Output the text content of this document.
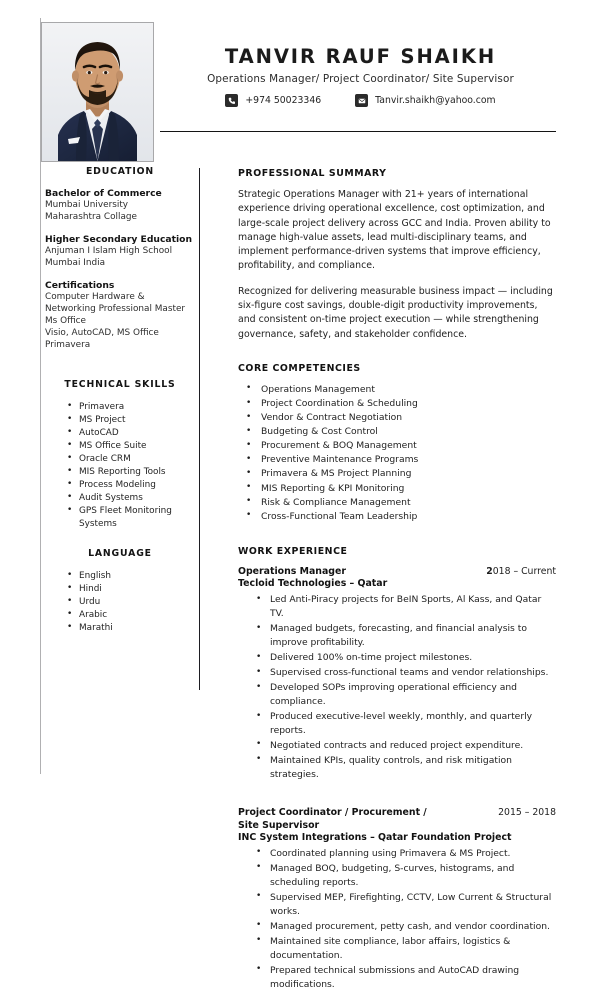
TANVIR RAUF SHAIKH
Operations Manager/ Project Coordinator/ Site Supervisor
+974 50023346	Tanvir.shaikh@yahoo.com
EDUCATION
Bachelor of Commerce
Mumbai University
Maharashtra Collage
Higher Secondary Education
Anjuman I Islam High School
Mumbai India
Certifications
Computer Hardware &
Networking Professional Master
Ms Office
Visio, AutoCAD, MS Office
Primavera
TECHNICAL SKILLS
• Primavera
• MS Project
• AutoCAD
• MS Office Suite
• Oracle CRM
• MIS Reporting Tools
• Process Modeling
• Audit Systems
• GPS Fleet Monitoring Systems
LANGUAGE
• English
• Hindi
• Urdu
• Arabic
• Marathi
PROFESSIONAL SUMMARY
Strategic Operations Manager with 21+ years of international experience driving operational excellence, cost optimization, and large-scale project delivery across GCC and India. Proven ability to manage high-value assets, lead multi-disciplinary teams, and implement performance-driven systems that improve efficiency, profitability, and compliance.
Recognized for delivering measurable business impact — including six-figure cost savings, double-digit productivity improvements, and consistent on-time project execution — while strengthening governance, safety, and stakeholder confidence.
CORE COMPETENCIES
• Operations Management
• Project Coordination & Scheduling
• Vendor & Contract Negotiation
• Budgeting & Cost Control
• Procurement & BOQ Management
• Preventive Maintenance Programs
• Primavera & MS Project Planning
• MIS Reporting & KPI Monitoring
• Risk & Compliance Management
• Cross-Functional Team Leadership
WORK EXPERIENCE
Operations Manager	2018 – Current
Tecloid Technologies – Qatar
• Led Anti-Piracy projects for BeIN Sports, Al Kass, and Qatar TV.
• Managed budgets, forecasting, and financial analysis to improve profitability.
• Delivered 100% on-time project milestones.
• Supervised cross-functional teams and vendor relationships.
• Developed SOPs improving operational efficiency and compliance.
• Produced executive-level weekly, monthly, and quarterly reports.
• Negotiated contracts and reduced project expenditure.
• Maintained KPIs, quality controls, and risk mitigation strategies.
Project Coordinator / Procurement / Site Supervisor
2015 – 2018
INC System Integrations – Qatar Foundation Project
• Coordinated planning using Primavera & MS Project.
• Managed BOQ, budgeting, S-curves, histograms, and scheduling reports.
• Supervised MEP, Firefighting, CCTV, Low Current & Structural works.
• Managed procurement, petty cash, and vendor coordination.
• Maintained site compliance, labor affairs, logistics & documentation.
• Prepared technical submissions and AutoCAD drawing modifications.
